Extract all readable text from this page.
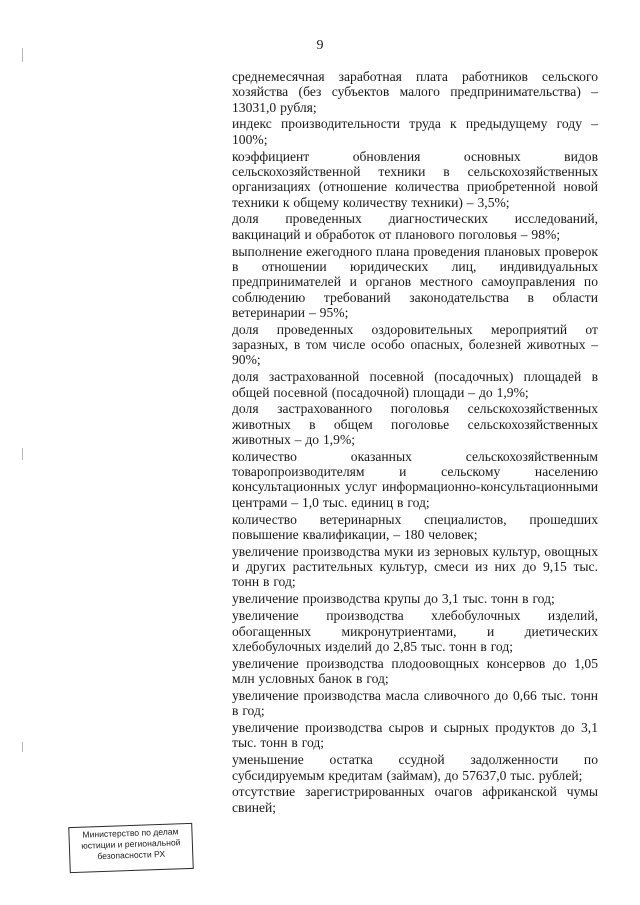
9

среднемесячная заработная плата работников сельского хозяйства (без субъектов малого предпринимательства) – 13031,0 рубля;

индекс производительности труда к предыдущему году – 100%;

коэффициент обновления основных видов сельскохозяйственной техники в сельскохозяйственных организациях (отношение количества приобретенной новой техники к общему количеству техники) – 3,5%;

доля проведенных диагностических исследований, вакцинаций и обработок от планового поголовья – 98%;

выполнение ежегодного плана проведения плановых проверок в отношении юридических лиц, индивидуальных предпринимателей и органов местного самоуправления по соблюдению требований законодательства в области ветеринарии – 95%;

доля проведенных оздоровительных мероприятий от заразных, в том числе особо опасных, болезней животных – 90%;

доля застрахованной посевной (посадочных) площадей в общей посевной (посадочной) площади – до 1,9%;

доля застрахованного поголовья сельскохозяйственных животных в общем поголовье сельскохозяйственных животных – до 1,9%;

количество оказанных сельскохозяйственным товаропроизводителям и сельскому населению консультационных услуг информационно-консультационными центрами – 1,0 тыс. единиц в год;

количество ветеринарных специалистов, прошедших повышение квалификации, – 180 человек;

увеличение производства муки из зерновых культур, овощных и других растительных культур, смеси из них до 9,15 тыс. тонн в год;

увеличение производства крупы до 3,1 тыс. тонн в год;

увеличение производства хлебобулочных изделий, обогащенных микронутриентами, и диетических хлебобулочных изделий до 2,85 тыс. тонн в год;

увеличение производства плодоовощных консервов до 1,05 млн условных банок в год;

увеличение производства масла сливочного до 0,66 тыс. тонн в год;

увеличение производства сыров и сырных продуктов до 3,1 тыс. тонн в год;

уменьшение остатка ссудной задолженности по субсидируемым кредитам (займам), до 57637,0 тыс. рублей;

отсутствие зарегистрированных очагов африканской чумы свиней;

Министерство по делам
юстиции и региональной
безопасности РХ
